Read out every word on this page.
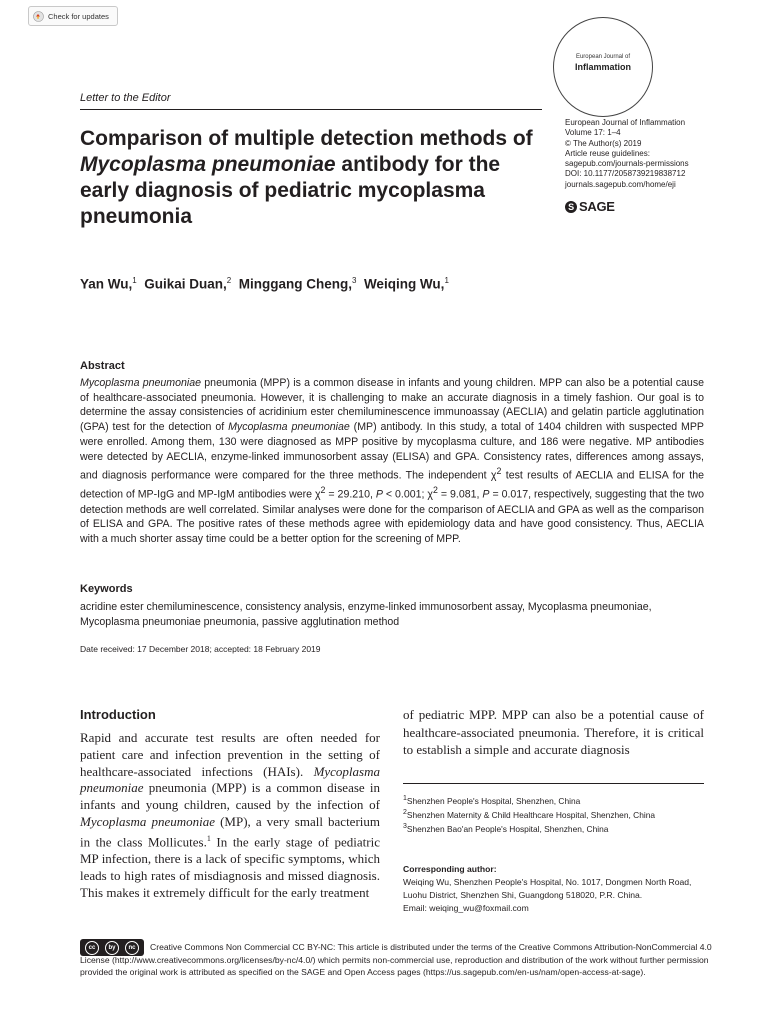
Check for updates
European Journal of
Inflammation
Letter to the Editor
Comparison of multiple detection methods of Mycoplasma pneumoniae antibody for the early diagnosis of pediatric mycoplasma pneumonia
European Journal of Inflammation
Volume 17: 1–4
© The Author(s) 2019
Article reuse guidelines:
sagepub.com/journals-permissions
DOI: 10.1177/2058739219838712
journals.sagepub.com/home/eji
S SAGE
Yan Wu,$^1$ Guikai Duan,$^2$ Minggang Cheng,$^3$ Weiqing Wu,$^1$
Abstract
Mycoplasma pneumoniae pneumonia (MPP) is a common disease in infants and young children. MPP can also be a potential cause of healthcare-associated pneumonia. However, it is challenging to make an accurate diagnosis in a timely fashion. Our goal is to determine the assay consistencies of acridinium ester chemiluminescence immunoassay (AECLIA) and gelatin particle agglutination (GPA) test for the detection of Mycoplasma pneumoniae (MP) antibody. In this study, a total of 1404 children with suspected MPP were enrolled. Among them, 130 were diagnosed as MPP positive by mycoplasma culture, and 186 were negative. MP antibodies were detected by AECLIA, enzyme-linked immunosorbent assay (ELISA) and GPA. Consistency rates, differences among assays, and diagnosis performance were compared for the three methods. The independent $\chi^2$ test results of AECLIA and ELISA for the detection of MP-IgG and MP-IgM antibodies were $\chi^2 = 29.210$, P < 0.001; $\chi^2 = 9.081$, P = 0.017, respectively, suggesting that the two detection methods are well correlated. Similar analyses were done for the comparison of AECLIA and GPA as well as the comparison of ELISA and GPA. The positive rates of these methods agree with epidemiology data and have good consistency. Thus, AECLIA with a much shorter assay time could be a better option for the screening of MPP.
Keywords
acridine ester chemiluminescence, consistency analysis, enzyme-linked immunosorbent assay, Mycoplasma pneumoniae, Mycoplasma pneumoniae pneumonia, passive agglutination method
Date received: 17 December 2018; accepted: 18 February 2019
Introduction
Rapid and accurate test results are often needed for patient care and infection prevention in the setting of healthcare-associated infections (HAIs). Mycoplasma pneumoniae pneumonia (MPP) is a common disease in infants and young children, caused by the infection of Mycoplasma pneumoniae (MP), a very small bacterium in the class Mollicutes.$^1$ In the early stage of pediatric MP infection, there is a lack of specific symptoms, which leads to high rates of misdiagnosis and missed diagnosis. This makes it extremely difficult for the early treatment
of pediatric MPP. MPP can also be a potential cause of healthcare-associated pneumonia. Therefore, it is critical to establish a simple and accurate diagnosis
$^1$Shenzhen People's Hospital, Shenzhen, China
$^2$Shenzhen Maternity & Child Healthcare Hospital, Shenzhen, China
$^3$Shenzhen Bao'an People's Hospital, Shenzhen, China
Corresponding author:
Weiqing Wu, Shenzhen People's Hospital, No. 1017, Dongmen North Road, Luohu District, Shenzhen Shi, Guangdong 518020, P.R. China.
Email: weiqing_wu@foxmail.com
cc	by	nc	Creative Commons Non Commercial CC BY-NC: This article is distributed under the terms of the Creative Commons Attribution-NonCommercial 4.0 License (http://www.creativecommons.org/licenses/by-nc/4.0/) which permits non-commercial use, reproduction and distribution of the work without further permission provided the original work is attributed as specified on the SAGE and Open Access pages (https://us.sagepub.com/en-us/nam/open-access-at-sage).
